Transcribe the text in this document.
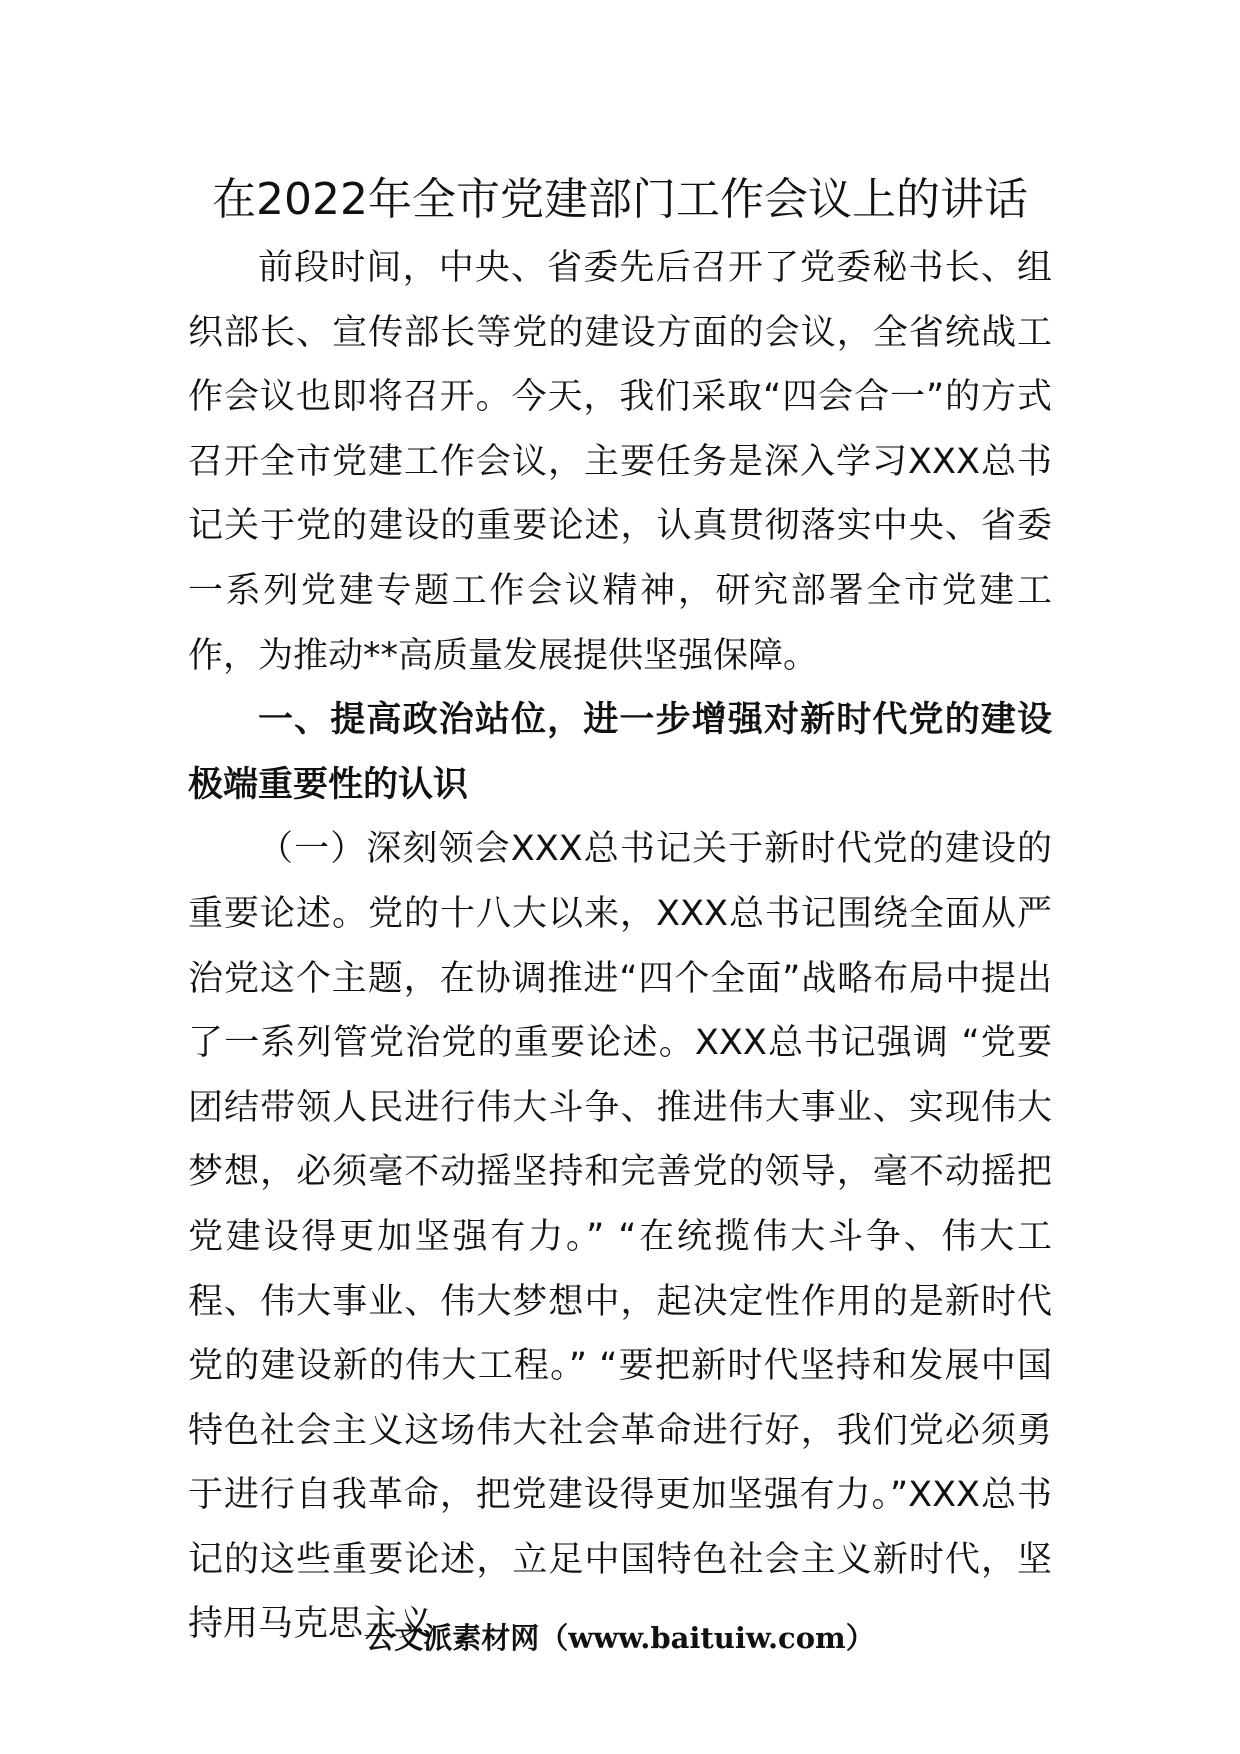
在2022年全市党建部门工作会议上的讲话

前段时间，中央、省委先后召开了党委秘书长、组织部长、宣传部长等党的建设方面的会议，全省统战工作会议也即将召开。今天，我们采取“四会合一”的方式召开全市党建工作会议，主要任务是深入学习XXX总书记关于党的建设的重要论述，认真贯彻落实中央、省委一系列党建专题工作会议精神，研究部署全市党建工作，为推动**高质量发展提供坚强保障。

一、提高政治站位，进一步增强对新时代党的建设极端重要性的认识

（一）深刻领会XXX总书记关于新时代党的建设的重要论述。党的十八大以来，XXX总书记围绕全面从严治党这个主题，在协调推进“四个全面”战略布局中提出了一系列管党治党的重要论述。XXX总书记强调 “党要团结带领人民进行伟大斗争、推进伟大事业、实现伟大梦想，必须毫不动摇坚持和完善党的领导，毫不动摇把党建设得更加坚强有力。” “在统揽伟大斗争、伟大工程、伟大事业、伟大梦想中，起决定性作用的是新时代党的建设新的伟大工程。” “要把新时代坚持和发展中国特色社会主义这场伟大社会革命进行好，我们党必须勇于进行自我革命，把党建设得更加坚强有力。”XXX总书记的这些重要论述，立足中国特色社会主义新时代，坚持用马克思主义

公文派素材网（www.baituiw.com）
